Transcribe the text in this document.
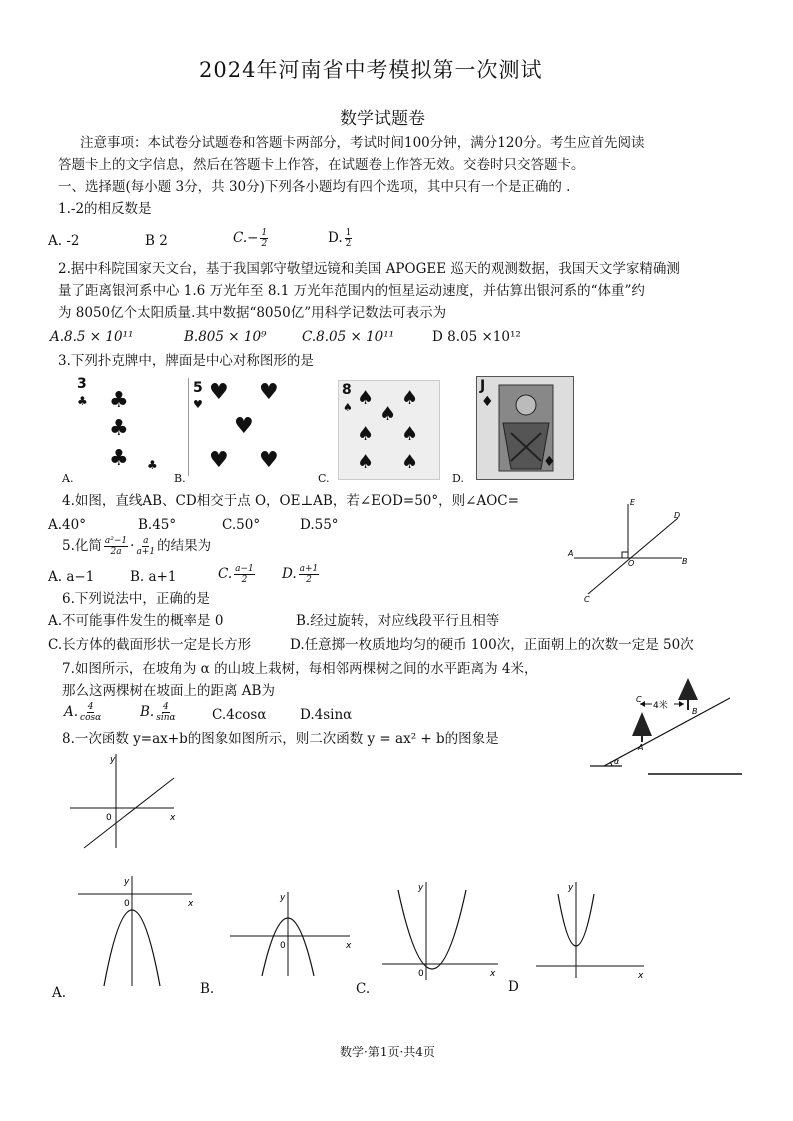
2024年河南省中考模拟第一次测试
数学试题卷
注意事项：本试卷分试题卷和答题卡两部分，考试时间100分钟，满分120分。考生应首先阅读
答题卡上的文字信息，然后在答题卡上作答，在试题卷上作答无效。交卷时只交答题卡。
一、选择题(每小题 3分，共 30分)下列各小题均有四个选项，其中只有一个是正确的 .
1.-2的相反数是
A. -2	B 2	$C.- \frac{1}{2}$	D. $\frac{1}{2}$
2.据中科院国家天文台，基于我国郭守敬望远镜和美国 APOGEE 巡天的观测数据，我国天文学家精确测
量了距离银河系中心 1.6 万光年至 8.1 万光年范围内的恒星运动速度，并估算出银河系的“体重”约
为 8050亿个太阳质量.其中数据“8050亿”用科学记数法可表示为
A.8.5 × 10¹¹	B.805 × 10⁹	C.8.05 × 10¹¹	D 8.05 ×10¹²
3.下列扑克牌中，牌面是中心对称图形的是
3
♣ ♣
♣
♣ ♣
A.
5
♥ ♥ ♥
♥
♥ ♥
B.
8
♠ ♠ ♠
♠
♠ ♠
♠ ♠
C.
J
♦
♦
D.
4.如图，直线AB、CD相交于点 O，OE⊥AB，若∠EOD=50°，则∠AOC=
A.40°	B.45°	C.50°	D.55°
E
D
A
O	B
C
5.化简 $\frac{\text{a²−1}}{2a} \cdot \frac{a}{a+1}$ 的结果为
A. a−1	B. a+1	C. $\frac{a-1}{2} D$. $\frac{a+1}{2}$
6.下列说法中，正确的是
A.不可能事件发生的概率是 0	B.经过旋转，对应线段平行且相等
C.长方体的截面形状一定是长方形	D.任意掷一枚质地均匀的硬币 100次，正面朝上的次数一定是 50次
7.如图所示，在坡角为 α 的山坡上栽树，每相邻两棵树之间的水平距离为 4米，
那么这两棵树在坡面上的距离 AB为
A. $\frac{4}{\cos\alpha}$	B. $\frac{4}{\sin\alpha}$	C.4cosα D.4sinα
α
A
B
4米
C
8.一次函数 y=ax+b的图象如图所示，则二次函数 y = ax² + b的图象是
y
x
0
y
x
0
A.
y
x
0
B.
y
x
0
C.
y
x
D
数学·第1页·共4页
